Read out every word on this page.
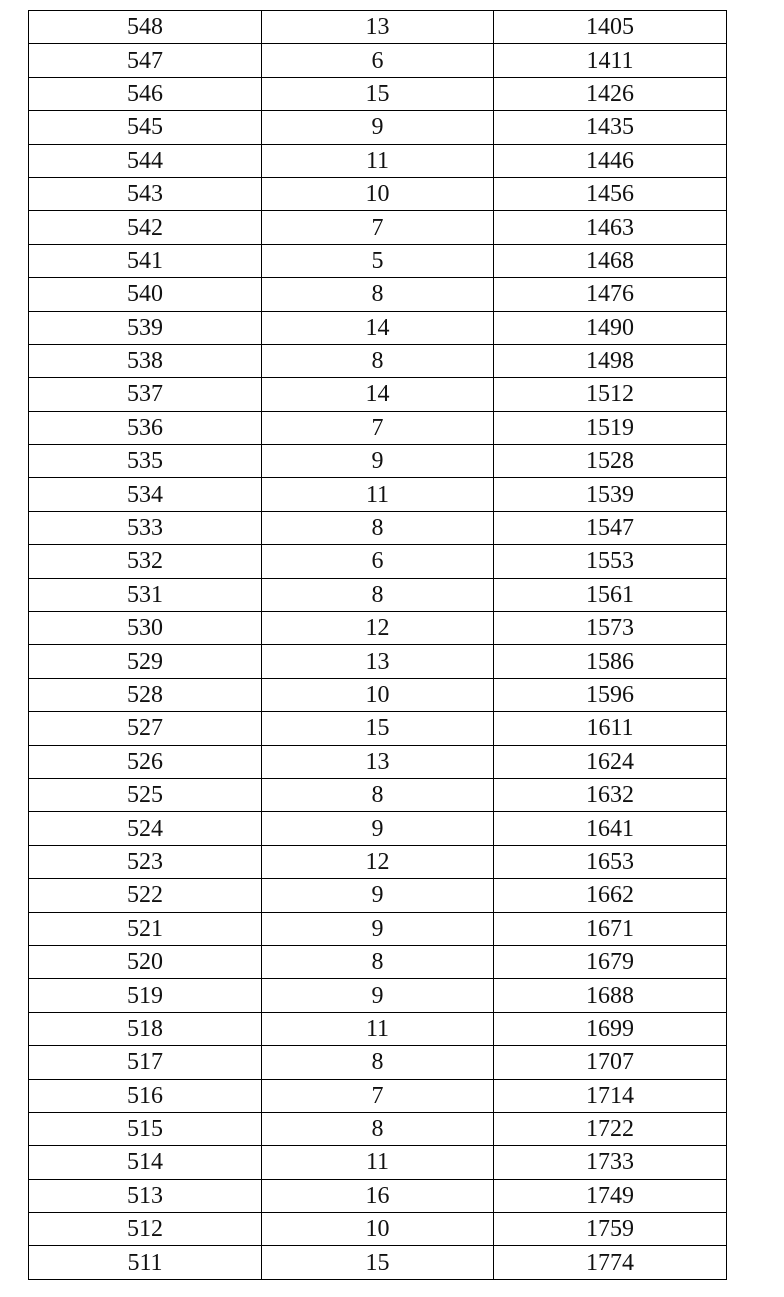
548	13	1405
547	6	1411
546	15	1426
545	9	1435
544	11	1446
543	10	1456
542	7	1463
541	5	1468
540	8	1476
539	14	1490
538	8	1498
537	14	1512
536	7	1519
535	9	1528
534	11	1539
533	8	1547
532	6	1553
531	8	1561
530	12	1573
529	13	1586
528	10	1596
527	15	1611
526	13	1624
525	8	1632
524	9	1641
523	12	1653
522	9	1662
521	9	1671
520	8	1679
519	9	1688
518	11	1699
517	8	1707
516	7	1714
515	8	1722
514	11	1733
513	16	1749
512	10	1759
511	15	1774
